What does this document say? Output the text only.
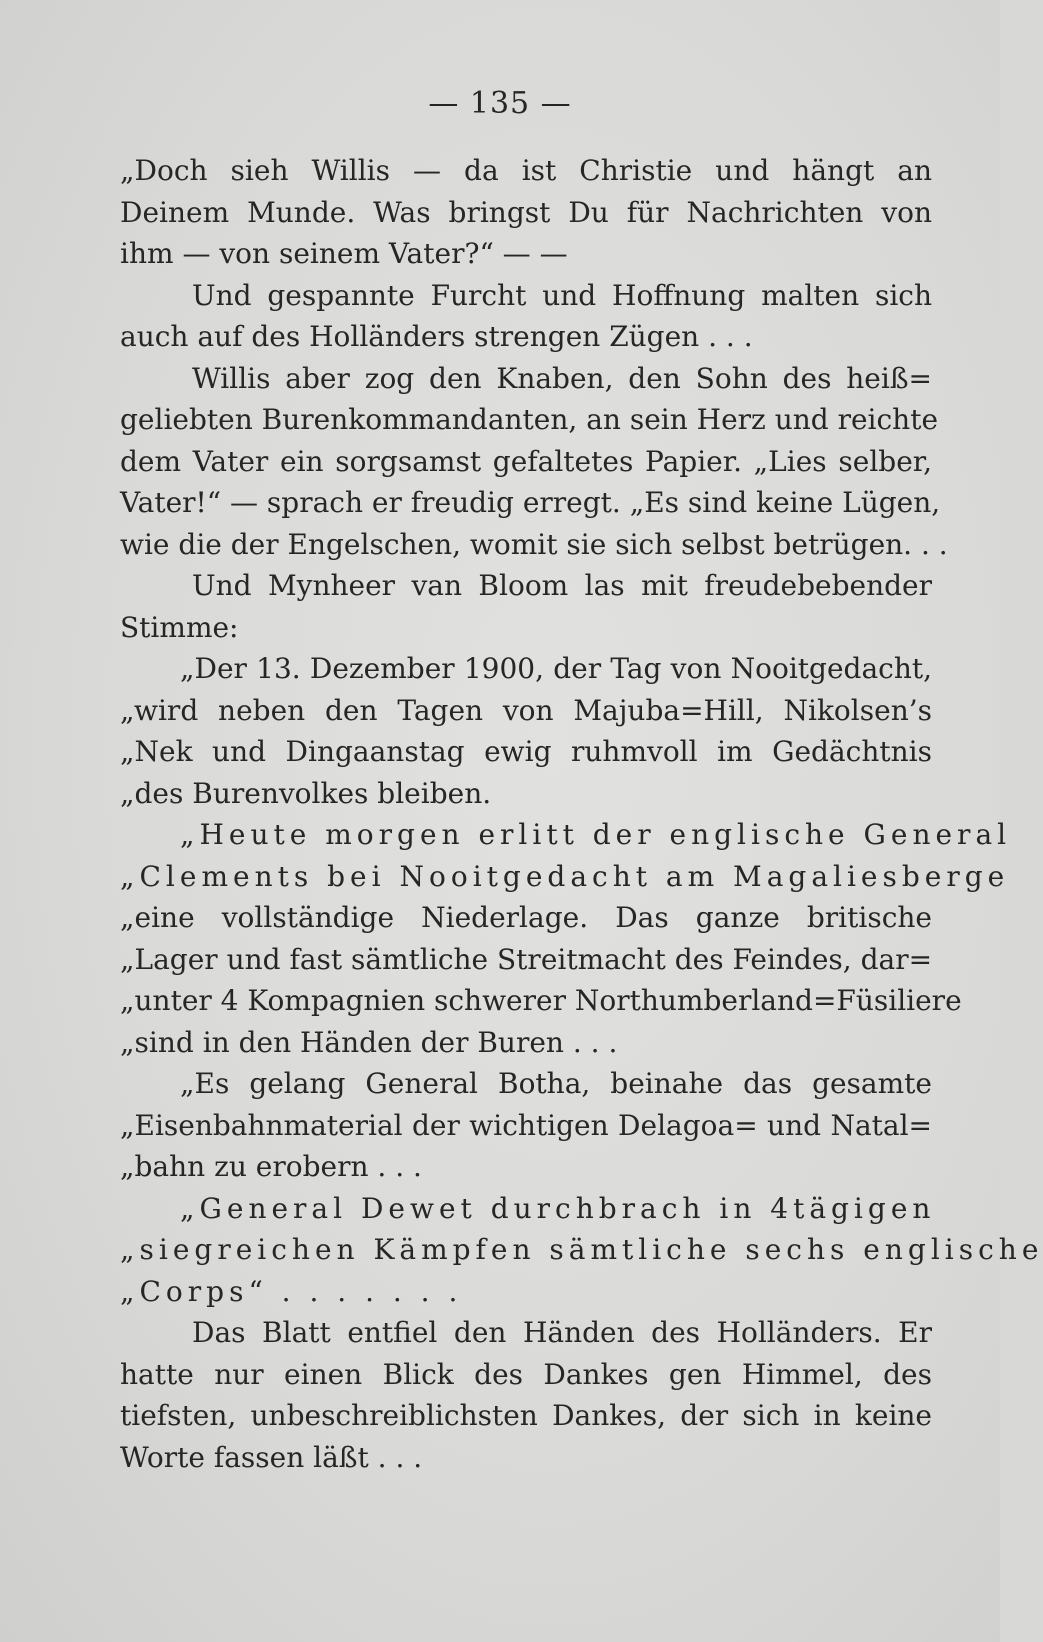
— 135 —
„Doch sieh Willis — da ist Christie und hängt an
Deinem Munde. Was bringst Du für Nachrichten von
ihm — von seinem Vater?“ — —
Und gespannte Furcht und Hoffnung malten sich
auch auf des Holländers strengen Zügen . . .
Willis aber zog den Knaben, den Sohn des heiß=
geliebten Burenkommandanten, an sein Herz und reichte
dem Vater ein sorgsamst gefaltetes Papier. „Lies selber,
Vater!“ — sprach er freudig erregt. „Es sind keine Lügen,
wie die der Engelschen, womit sie sich selbst betrügen. . .
Und Mynheer van Bloom las mit freudebebender
Stimme:
„Der 13. Dezember 1900, der Tag von Nooitgedacht,
„wird neben den Tagen von Majuba=Hill, Nikolsen’s
„Nek und Dingaanstag ewig ruhmvoll im Gedächtnis
„des Burenvolkes bleiben.
„Heute morgen erlitt der englische General
„Clements bei Nooitgedacht am Magaliesberge
„eine vollständige Niederlage. Das ganze britische
„Lager und fast sämtliche Streitmacht des Feindes, dar=
„unter 4 Kompagnien schwerer Northumberland=Füsiliere
„sind in den Händen der Buren . . .
„Es gelang General Botha, beinahe das gesamte
„Eisenbahnmaterial der wichtigen Delagoa= und Natal=
„bahn zu erobern . . .
„General Dewet durchbrach in 4tägigen
„siegreichen Kämpfen sämtliche sechs englische
„Corps“ . . . . . . .
Das Blatt entfiel den Händen des Holländers. Er
hatte nur einen Blick des Dankes gen Himmel, des
tiefsten, unbeschreiblichsten Dankes, der sich in keine
Worte fassen läßt . . .
